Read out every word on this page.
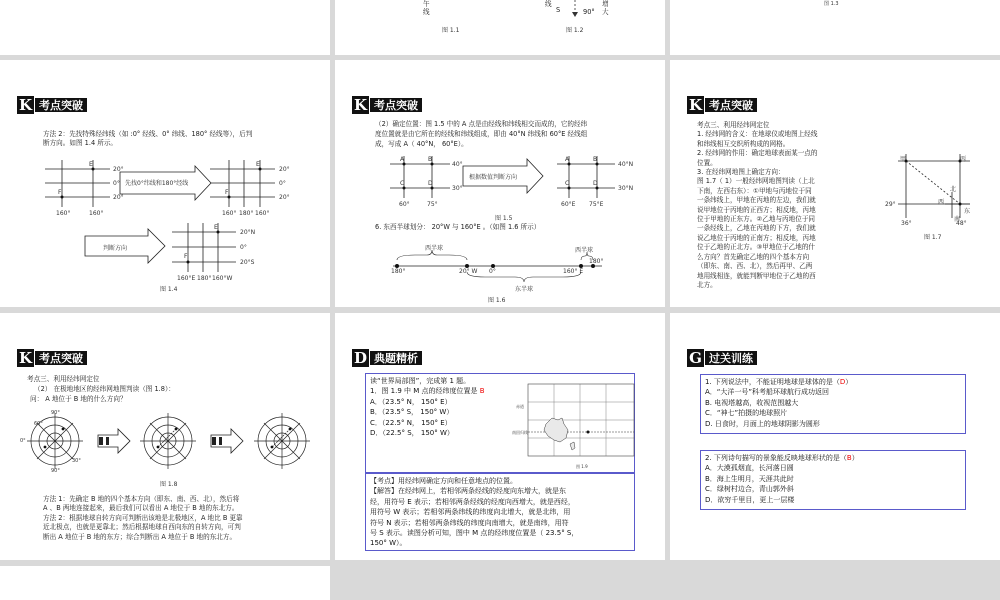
午
线
线
S	90°
增
大
图 1.1	图 1.2
图 1.3
K 考点突破
方法 2：先找特殊经纬线（如 :0° 经线、0° 纬线、180° 经线等），后判
断方向。如图 1.4 所示。
先找0°纬线和180°经线
判断方向
E
F
20°
0°
20°
160°	160°
E
F
20°
0°
20°
160° 180° 160°
E
F
20°N
0°
20°S
160°E 180° 160°W
图 1.4
K 考点突破
（2）确定位置：图 1.5 中的 A 点是由经线和纬线相交而成的，它的经纬
度位置就是由它所在的经线和纬线组成，即由 40°N 纬线和 60°E 经线组
成，写成 A（ 40°N， 60°E）。
根据数值判断方向
A	B
C	D
40°
30°
60°	75°
A	B
C	D
40°N
30°N
60°E 75°E
图 1.5
6. 东西半球划分： 20°W 与 160°E 。（如图 1.6 所示）
西半球	西半球
东半球
180°	20° W 0°	160° E
180°
图 1.6
K 考点突破
考点三、利用经纬网定位
1. 经纬网的含义：在地球仪或地图上经线
和纬线相互交织所构成的网格。
2. 经纬网的作用：确定地球表面某一点的
位置。
3. 在经纬网地图上确定方向：
图 1.7（ 1）一般经纬网地图判读（上北
下南，左西右东）：①甲地与丙地位于同
一条纬线上，甲地在丙地的左边，我们就
说甲地位于丙地的正西方；相反地，丙地
位于甲地的正东方。②乙地与丙地位于同
一条经线上，乙地在丙地的下方，我们就
说乙地位于丙地的正南方；相反地，丙地
位于乙地的正北方。③甲地位于乙地的什
么方向？首先确定乙地的四个基本方向
（即东、南、西、北），然后再甲、乙两
地用线相连，就能判断甲地位于乙地的西
北方。
甲	丙
北
西
东
南
29°
36°	48°
图 1.7
K 考点突破
考点三、利用经纬网定位
（2） 在极地地区的经纬网地图判读（图 1.8）：
问： A 地位于 B 地的什么方向？
90°
90°
0°
60°
30°
图 1.8
方法 1：先确定 B 地的四个基本方向（即东、南、西、北），然后将
A 、B 两地连接起来，最后我们可以看出 A 地位于 B 地的东北方。
方法 2：根据地球自转方向可判断出该地是北极地区，A 地比 B 更靠
近北极点，也就是更靠北；然后根据地球自西向东的自转方向，可判
断出 A 地位于 B 地的东方；综合判断出 A 地位于 B 地的东北方。
D 典题精析
读“世界局部图”，完成第 1 题。
1．图 1.9 中 M 点的经纬度位置是 B
A．（23.5° N， 150° E）
B．（23.5° S， 150° W）
C．（22.5° N， 150° E）
D．（22.5° S， 150° W）
赤道
南回归线
图 1.9
【考点】用经纬网确定方向和任意地点的位置。
【解答】在经纬网上，若相邻两条经线的经度向东增大，就是东
经，用符号 E 表示；若相邻两条经线的经度向西增大，就是西经，
用符号 W 表示；若相邻两条纬线的纬度向北增大，就是北纬，用
符号 N 表示；若相邻两条纬线的纬度向南增大，就是南纬，用符
号 S 表示。读图分析可知，图中 M 点的经纬度位置是（ 23.5° S，
150° W）。
G 过关训练
1. 下列说法中，不能证明地球是球体的是（D）
A．“大洋一号”科考船环球航行成功返回
B. 电视塔越高，收视范围越大
C．“神七”拍摄的地球照片
D. 日食时，月面上的地球阴影为圆形
2. 下列诗句描写的景象能反映地球形状的是（B）
A．大漠孤烟直，长河落日圆
B．海上生明月，天涯共此时
C．绿树村边合，青山郭外斜
D．欲穷千里目，更上一层楼
